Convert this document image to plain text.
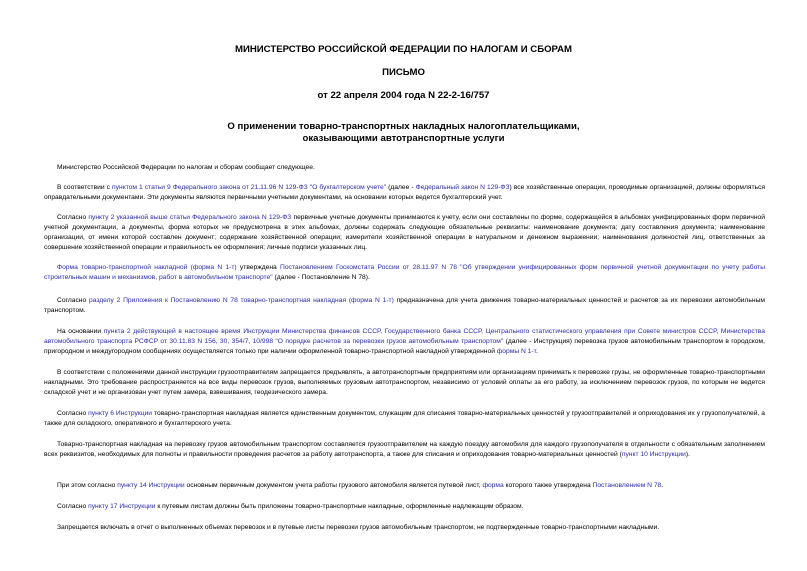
МИНИСТЕРСТВО РОССИЙСКОЙ ФЕДЕРАЦИИ ПО НАЛОГАМ И СБОРАМ
ПИСЬМО
от 22 апреля 2004 года N 22-2-16/757
О применении товарно-транспортных накладных налогоплательщиками,
оказывающими автотранспортные услуги
Министерство Российской Федерации по налогам и сборам сообщает следующее.
В соответствии с пунктом 1 статьи 9 Федерального закона от 21.11.96 N 129-ФЗ "О бухгалтерском учете" (далее - Федеральный закон N 129-ФЗ) все хозяйственные операции, проводимые организацией, должны оформляться оправдательными документами. Эти документы являются первичными учетными документами, на основании которых ведется бухгалтерский учет.
Согласно пункту 2 указанной выше статьи Федерального закона N 129-ФЗ первичные учетные документы принимаются к учету, если они составлены по форме, содержащейся в альбомах унифицированных форм первичной учетной документации, а документы, форма которых не предусмотрена в этих альбомах, должны содержать следующие обязательные реквизиты: наименование документа; дату составления документа; наименование организации, от имени которой составлен документ; содержание хозяйственной операции; измерители хозяйственной операции в натуральном и денежном выражении; наименования должностей лиц, ответственных за совершение хозяйственной операции и правильность ее оформления; личные подписи указанных лиц.
Форма товарно-транспортной накладной (форма N 1-т) утверждена Постановлением Госкомстата России от 28.11.97 N 78 "Об утверждении унифицированных форм первичной учетной документации по учету работы строительных машин и механизмов, работ в автомобильном транспорте" (далее - Постановление N 78).
Согласно разделу 2 Приложения к Постановлению N 78 товарно-транспортная накладная (форма N 1-т) предназначена для учета движения товарно-материальных ценностей и расчетов за их перевозки автомобильным транспортом.
На основании пункта 2 действующей в настоящее время Инструкции Министерства финансов СССР, Государственного банка СССР, Центрального статистического управления при Совете министров СССР, Министерства автомобильного транспорта РСФСР от 30.11.83 N 156, 30, 354/7, 10/998 "О порядке расчетов за перевозки грузов автомобильным транспортом" (далее - Инструкция) перевозка грузов автомобильным транспортом в городском, пригородном и междугородном сообщениях осуществляется только при наличии оформленной товарно-транспортной накладной утвержденной формы N 1-т.
В соответствии с положениями данной инструкции грузоотправителям запрещается предъявлять, а автотранспортным предприятиям или организациям принимать к перевозке грузы, не оформленные товарно-транспортными накладными. Это требование распространяется на все виды перевозок грузов, выполняемых грузовым автотранспортом, независимо от условий оплаты за его работу, за исключением перевозок грузов, по которым не ведется складской учет и не организован учет путем замера, взвешивания, геодезического замера.
Согласно пункту 6 Инструкции товарно-транспортная накладная является единственным документом, служащим для списания товарно-материальных ценностей у грузоотправителей и оприходования их у грузополучателей, а также для складского, оперативного и бухгалтерского учета.
Товарно-транспортная накладная на перевозку грузов автомобильным транспортом составляется грузоотправителем на каждую поездку автомобиля для каждого грузополучателя в отдельности с обязательным заполнением всех реквизитов, необходимых для полноты и правильности проведения расчетов за работу автотранспорта, а также для списания и оприходования товарно-материальных ценностей (пункт 10 Инструкции).
При этом согласно пункту 14 Инструкции основным первичным документом учета работы грузового автомобиля является путевой лист, форма которого также утверждена Постановлением N 78.
Согласно пункту 17 Инструкции к путевым листам должны быть приложены товарно-транспортные накладные, оформленные надлежащим образом.
Запрещается включать в отчет о выполненных объемах перевозок и в путевые листы перевозки грузов автомобильным транспортом, не подтвержденные товарно-транспортными накладными.
